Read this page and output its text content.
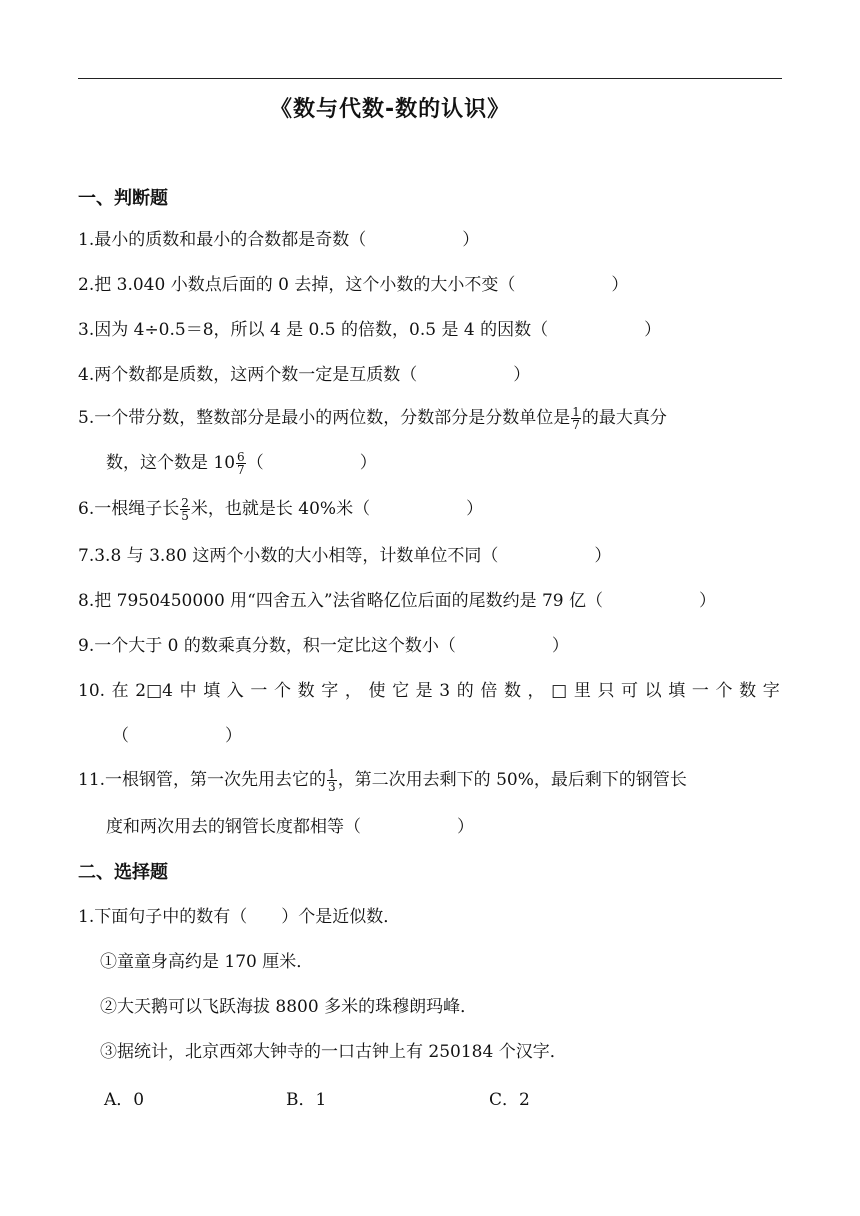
《数与代数-数的认识》
一、判断题
1.最小的质数和最小的合数都是奇数（	）
2.把 3.040 小数点后面的 0 去掉，这个小数的大小不变（	）
3.因为 4÷0.5＝8，所以 4 是 0.5 的倍数，0.5 是 4 的因数（	）
4.两个数都是质数，这两个数一定是互质数（	）
5.一个带分数，整数部分是最小的两位数，分数部分是分数单位是 $\frac{1}{7}$ 的最大真分
数，这个数是 $10 \frac{6}{7}$ （	）
6.一根绳子长 $\frac{2}{5}$ 米，也就是长 40%米（	）
7.3.8 与 3.80 这两个小数的大小相等，计数单位不同（	）
8.把 7950450000 用“四舍五入”法省略亿位后面的尾数约是 79 亿（	）
9.一个大于 0 的数乘真分数，积一定比这个数小（	）
10. 在 2□4 中 填 入 一 个 数 字 ， 使 它 是 3 的 倍 数 ， □ 里 只 可 以 填 一 个 数 字
（	）
11.一根钢管，第一次先用去它的 $\frac{1}{3}$ ，第二次用去剩下的 50%，最后剩下的钢管长
度和两次用去的钢管长度都相等（	）
二、选择题
1.下面句子中的数有（　　）个是近似数．
①童童身高约是 170 厘米．
②大天鹅可以飞跃海拔 8800 多米的珠穆朗玛峰．
③据统计，北京西郊大钟寺的一口古钟上有 250184 个汉字．
A．0	B．1	C．2
